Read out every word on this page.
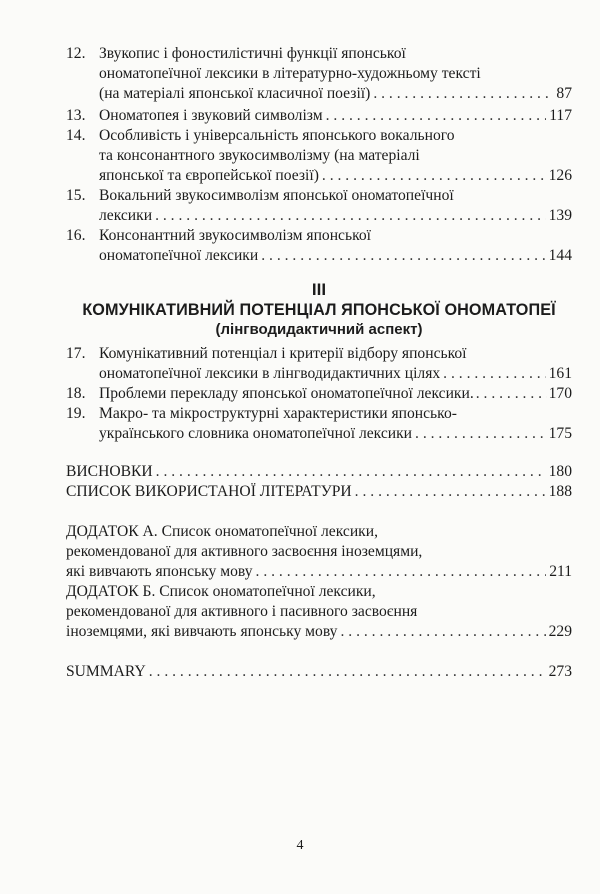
12. Звукопис і фоностилістичні функції японської
ономатопеїчної лексики в літературно-художньому тексті
(на матеріалі японської класичної поезії) . . .	87
13. Ономатопея і звуковий символізм . . .	117
14. Особливість і універсальність японського вокального
та консонантного звукосимволізму (на матеріалі
японської та європейської поезії) . . .	126
15. Вокальний звукосимволізм японської ономатопеїчної
лексики . . .	139
16. Консонантний звукосимволізм японської
ономатопеїчної лексики . . .	144
III
КОМУНІКАТИВНИЙ ПОТЕНЦІАЛ ЯПОНСЬКОЇ ОНОМАТОПЕЇ
(лінгводидактичний аспект)
17. Комунікативний потенціал і критерії відбору японської
ономатопеїчної лексики в лінгводидактичних цілях . . .	161
18. Проблеми перекладу японської ономатопеїчної лексики. . . .	170
19. Макро- та мікроструктурні характеристики японсько-
українського словника ономатопеїчної лексики . . .	175
ВИСНОВКИ . . .	180
СПИСОК ВИКОРИСТАНОЇ ЛІТЕРАТУРИ . . .	188
ДОДАТОК А. Список ономатопеїчної лексики,
рекомендованої для активного засвоєння іноземцями,
які вивчають японську мову . . .	211
ДОДАТОК Б. Список ономатопеїчної лексики,
рекомендованої для активного і пасивного засвоєння
іноземцями, які вивчають японську мову . . .	229
SUMMARY . . .	273
4
